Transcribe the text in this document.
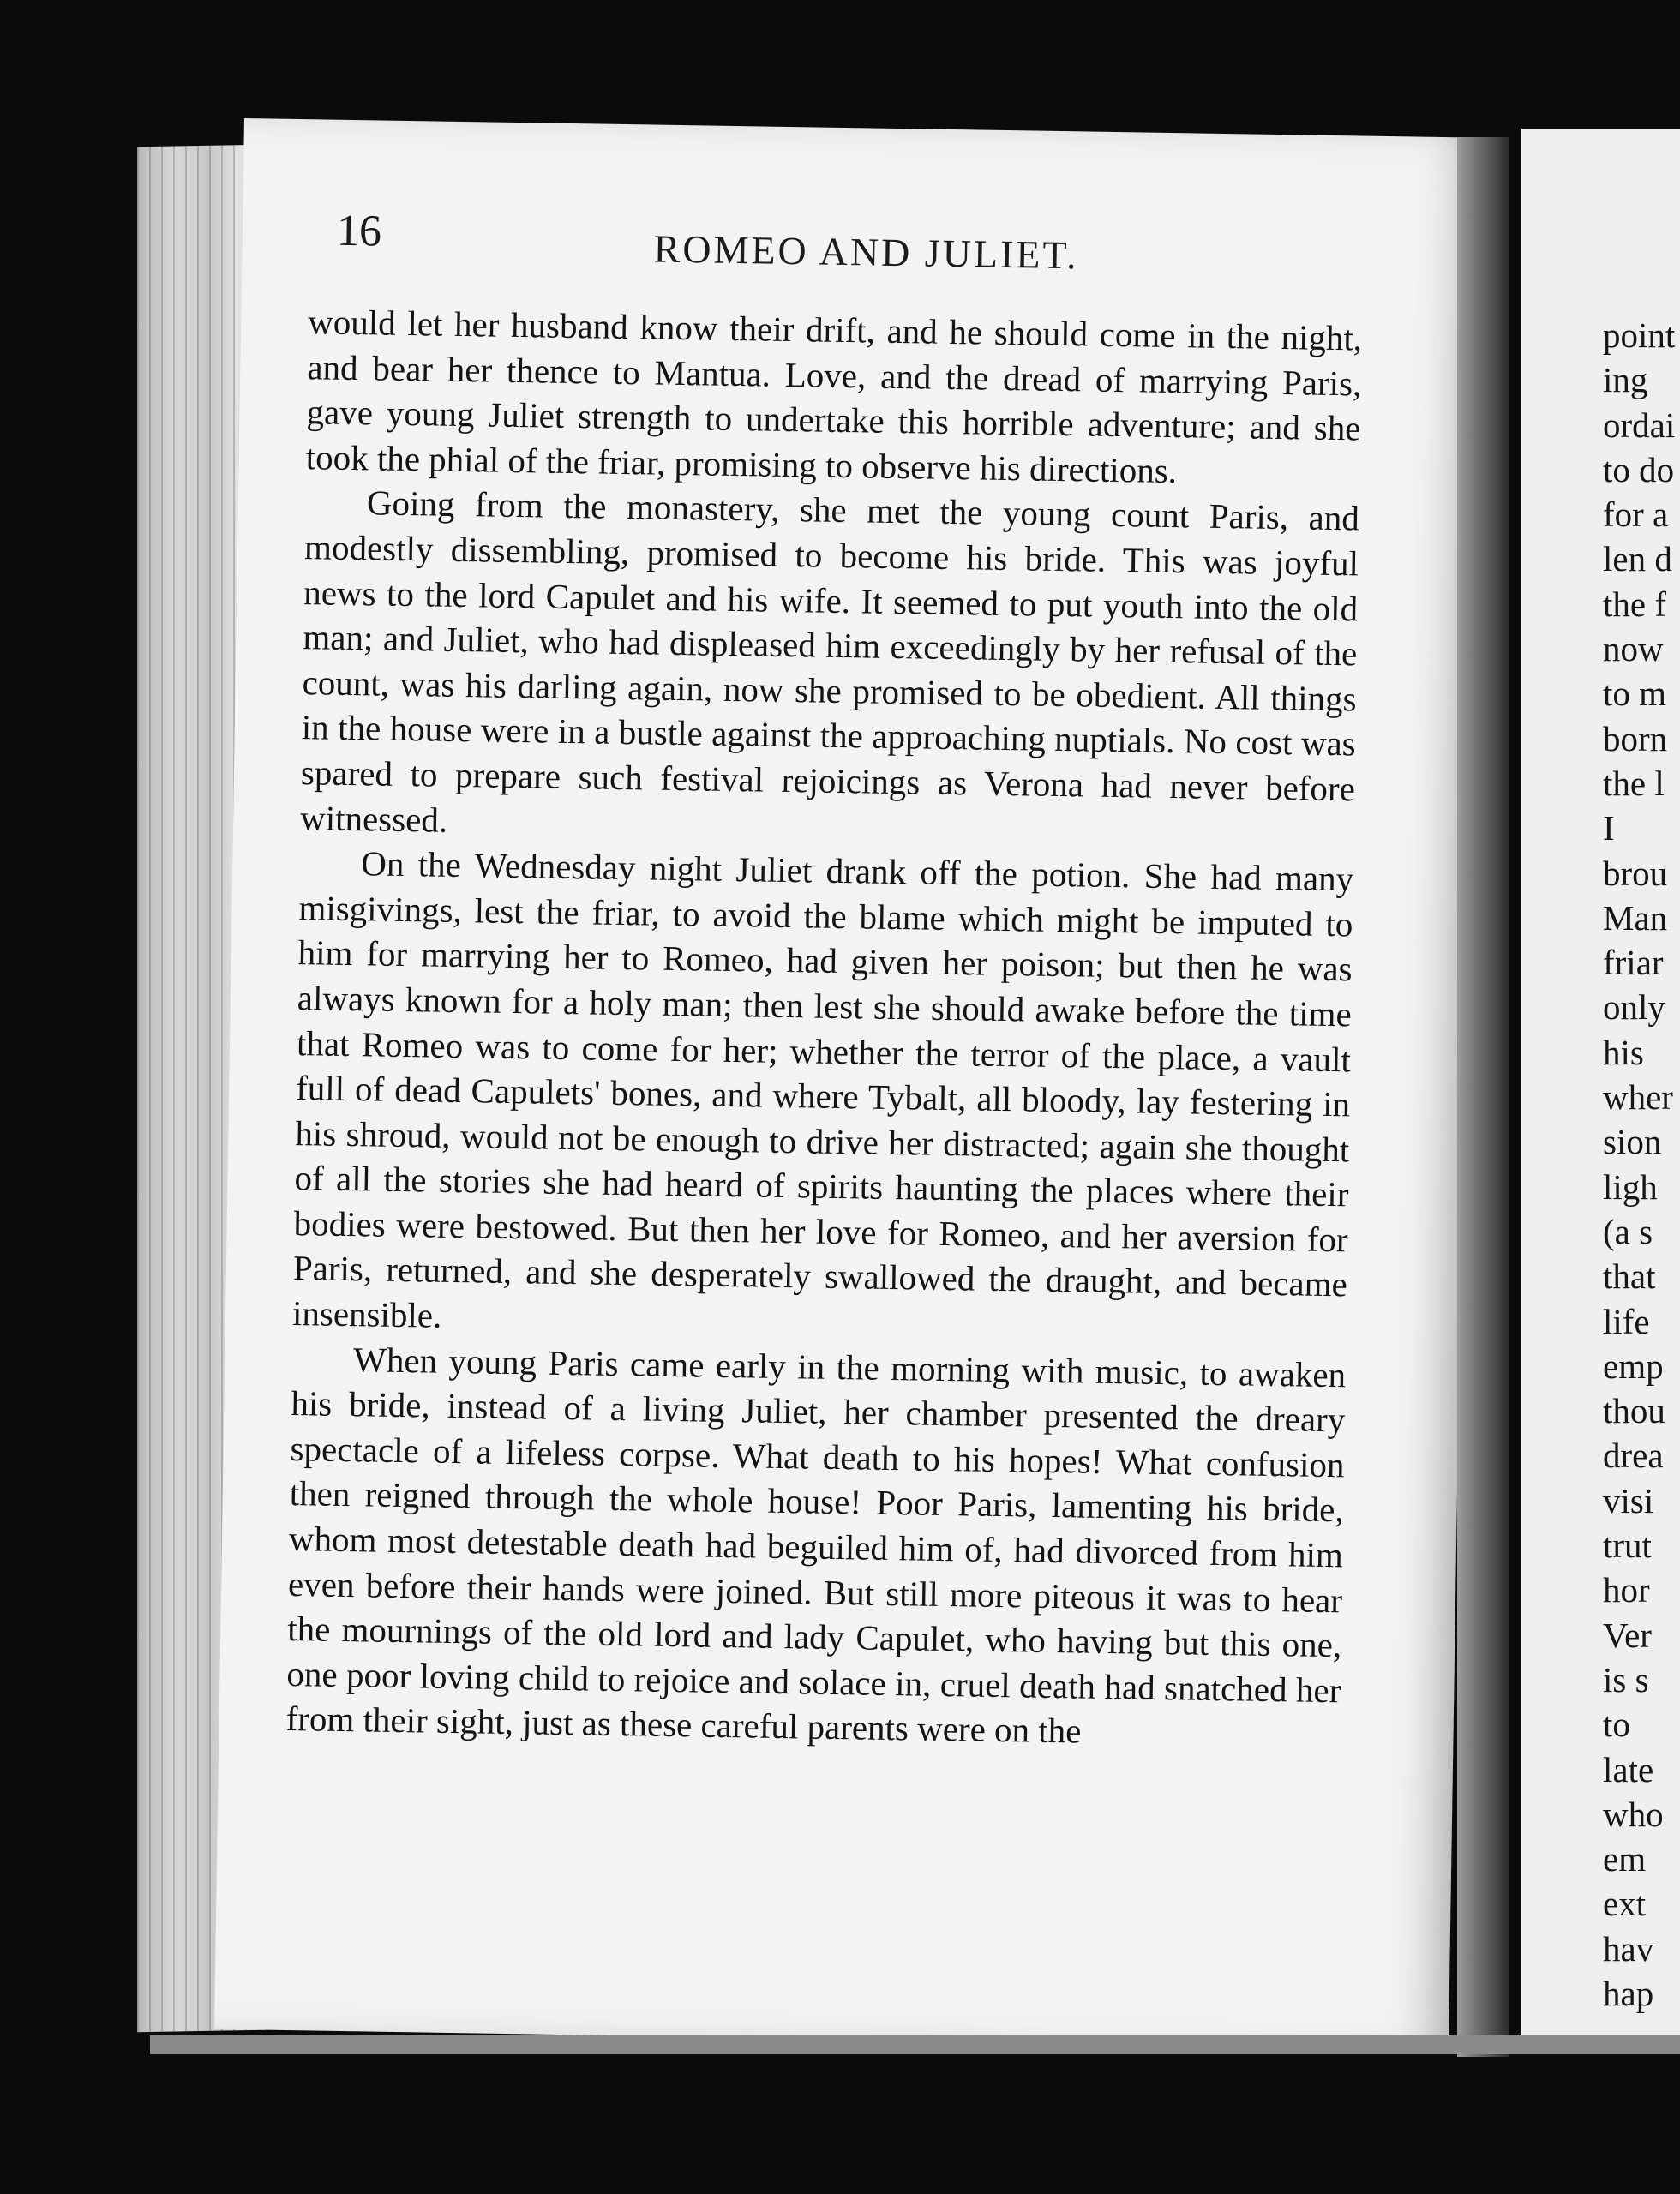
16	ROMEO AND JULIET.

would let her husband know their drift, and he should come in the night, and bear her thence to Mantua. Love, and the dread of marrying Paris, gave young Juliet strength to undertake this horrible adventure; and she took the phial of the friar, promising to observe his directions.

Going from the monastery, she met the young count Paris, and modestly dissembling, promised to become his bride. This was joyful news to the lord Capulet and his wife. It seemed to put youth into the old man; and Juliet, who had displeased him exceedingly by her refusal of the count, was his darling again, now she promised to be obedient. All things in the house were in a bustle against the approaching nuptials. No cost was spared to prepare such festival rejoicings as Verona had never before witnessed.

On the Wednesday night Juliet drank off the potion. She had many misgivings, lest the friar, to avoid the blame which might be imputed to him for marrying her to Romeo, had given her poison; but then he was always known for a holy man; then lest she should awake before the time that Romeo was to come for her; whether the terror of the place, a vault full of dead Capulets' bones, and where Tybalt, all bloody, lay festering in his shroud, would not be enough to drive her distracted; again she thought of all the stories she had heard of spirits haunting the places where their bodies were bestowed. But then her love for Romeo, and her aversion for Paris, returned, and she desperately swallowed the draught, and became insensible.

When young Paris came early in the morning with music, to awaken his bride, instead of a living Juliet, her chamber presented the dreary spectacle of a lifeless corpse. What death to his hopes! What confusion then reigned through the whole house! Poor Paris, lamenting his bride, whom most detestable death had beguiled him of, had divorced from him even before their hands were joined. But still more piteous it was to hear the mournings of the old lord and lady Capulet, who having but this one, one poor loving child to rejoice and solace in, cruel death had snatched her from their sight, just as these careful parents were on the

point
ing
ordai
to do
for a
len d
the f
now
to m
born
the l
I
brou
Man
friar
only
his
wher
sion
ligh
(a s
that
life
emp
thou
drea
visi
trut
hor
Ver
is s
to
late
who
em
ext
hav
hap
